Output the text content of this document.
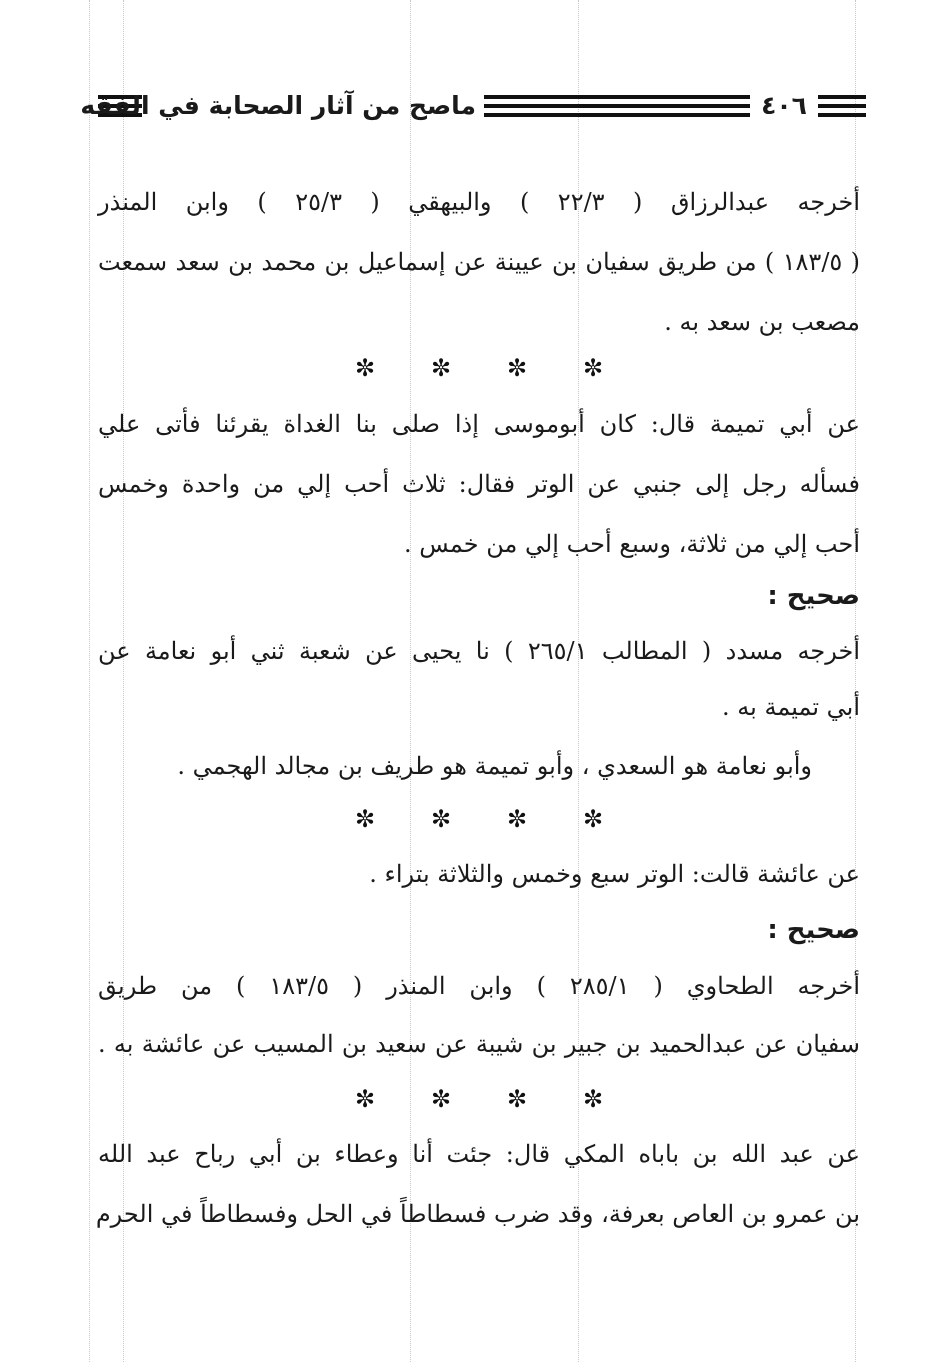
ماصح من آثار الصحابة في الفقه	٤٠٦
أخرجه عبدالرزاق ( ٢٢/٣ ) والبيهقي ( ٢٥/٣ ) وابن المنذر
( ١٨٣/٥ ) من طريق سفيان بن عيينة عن إسماعيل بن محمد بن سعد سمعت
مصعب بن سعد به .
✼
✼
✼
✼
عن أبي تميمة قال: كان أبوموسى إذا صلى بنا الغداة يقرئنا فأتى علي
فسأله رجل إلى جنبي عن الوتر فقال: ثلاث أحب إلي من واحدة وخمس
أحب إلي من ثلاثة، وسبع أحب إلي من خمس .
صحيح :
أخرجه مسدد ( المطالب ٢٦٥/١ ) نا يحيى عن شعبة ثني أبو نعامة عن
أبي تميمة به .
وأبو نعامة هو السعدي ، وأبو تميمة هو طريف بن مجالد الهجمي .
✼
✼
✼
✼
عن عائشة قالت: الوتر سبع وخمس والثلاثة بتراء .
صحيح :
أخرجه الطحاوي ( ٢٨٥/١ ) وابن المنذر ( ١٨٣/٥ ) من طريق
سفيان عن عبدالحميد بن جبير بن شيبة عن سعيد بن المسيب عن عائشة به .
✼
✼
✼
✼
عن عبد الله بن باباه المكي قال: جئت أنا وعطاء بن أبي رباح عبد الله
بن عمرو بن العاص بعرفة، وقد ضرب فسطاطاً في الحل وفسطاطاً في الحرم
